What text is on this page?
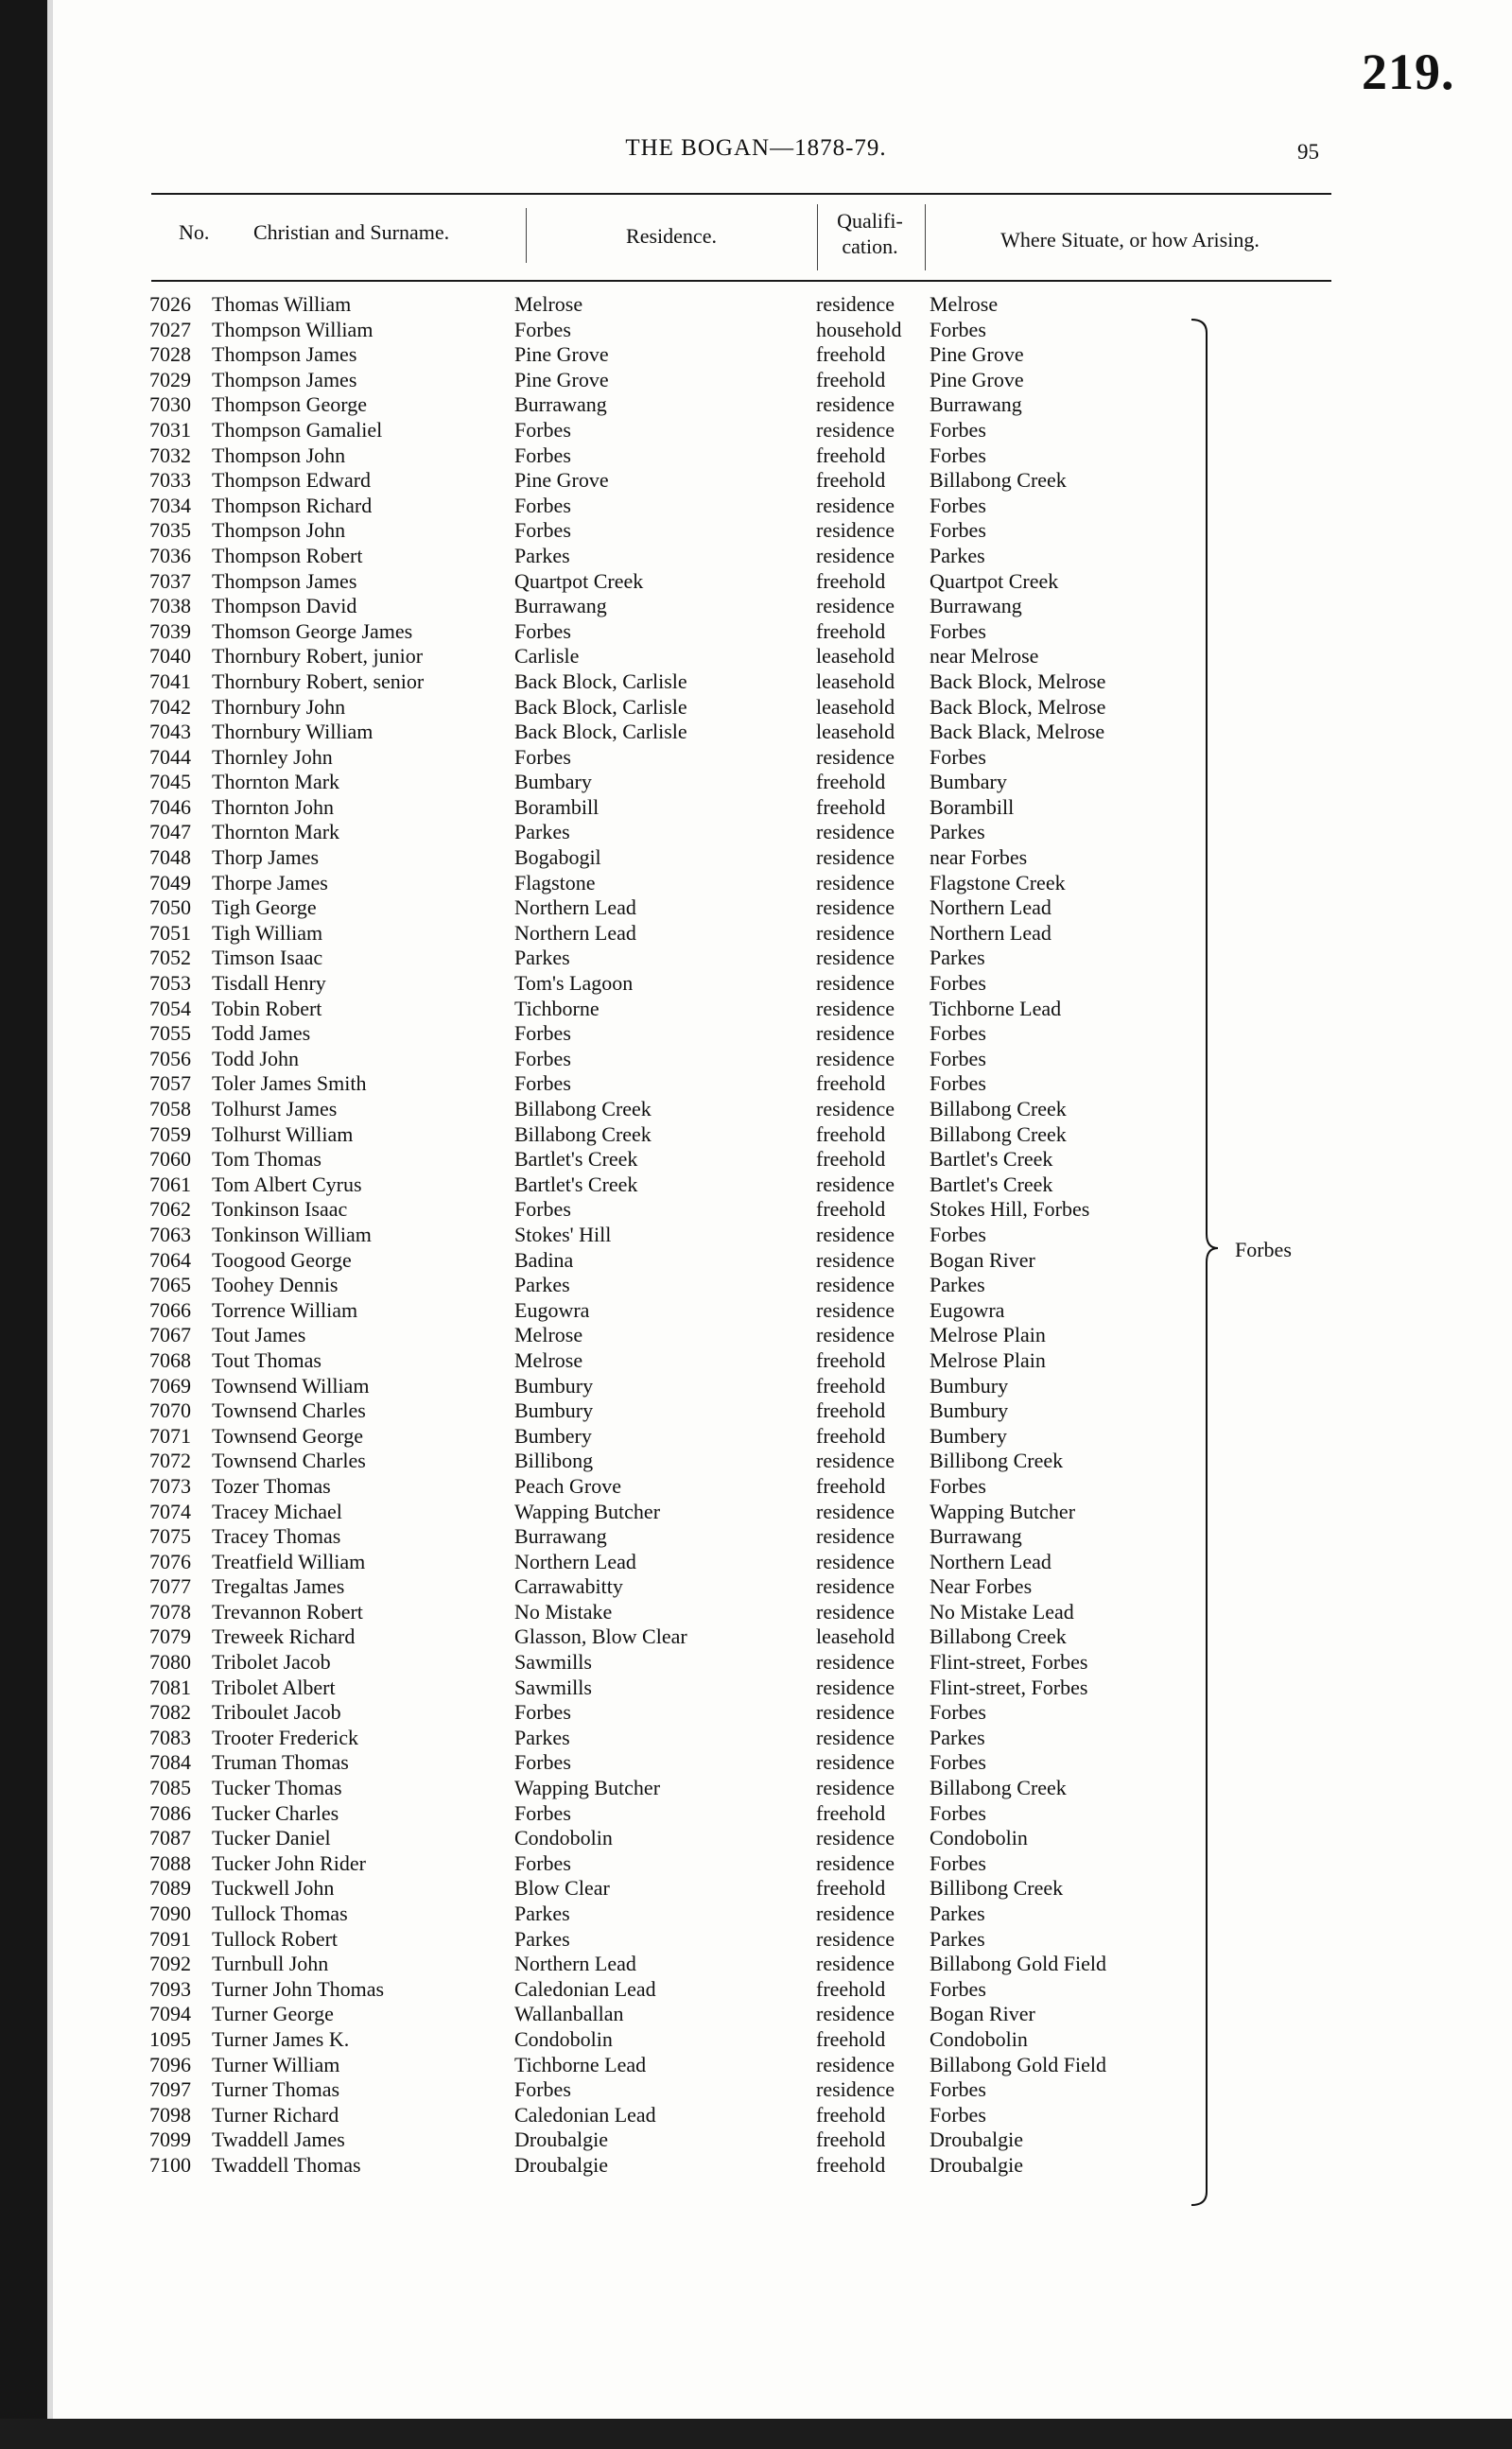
219.
THE BOGAN—1878-79.	95
No. Christian and Surname.	Residence.
Qualifi-
cation.	Where Situate, or how Arising.
7026 Thomas William	Melrose	residence Melrose
7027 Thompson William	Forbes	household Forbes
7028 Thompson James	Pine Grove	freehold Pine Grove
7029 Thompson James	Pine Grove	freehold Pine Grove
7030 Thompson George	Burrawang	residence Burrawang
7031 Thompson Gamaliel	Forbes	residence Forbes
7032 Thompson John	Forbes	freehold Forbes
7033 Thompson Edward	Pine Grove	freehold Billabong Creek
7034 Thompson Richard	Forbes	residence Forbes
7035 Thompson John	Forbes	residence Forbes
7036 Thompson Robert	Parkes	residence Parkes
7037 Thompson James	Quartpot Creek	freehold Quartpot Creek
7038 Thompson David	Burrawang	residence Burrawang
7039 Thomson George James	Forbes	freehold Forbes
7040 Thornbury Robert, junior	Carlisle	leasehold near Melrose
7041 Thornbury Robert, senior	Back Block, Carlisle	leasehold Back Block, Melrose
7042 Thornbury John	Back Block, Carlisle	leasehold Back Block, Melrose
7043 Thornbury William	Back Block, Carlisle	leasehold Back Black, Melrose
7044 Thornley John	Forbes	residence Forbes
7045 Thornton Mark	Bumbary	freehold Bumbary
7046 Thornton John	Borambill	freehold Borambill
7047 Thornton Mark	Parkes	residence Parkes
7048 Thorp James	Bogabogil	residence near Forbes
7049 Thorpe James	Flagstone	residence Flagstone Creek
7050 Tigh George	Northern Lead	residence Northern Lead
7051 Tigh William	Northern Lead	residence Northern Lead
7052 Timson Isaac	Parkes	residence Parkes
7053 Tisdall Henry	Tom's Lagoon	residence Forbes
7054 Tobin Robert	Tichborne	residence Tichborne Lead
7055 Todd James	Forbes	residence Forbes
7056 Todd John	Forbes	residence Forbes
7057 Toler James Smith	Forbes	freehold Forbes
7058 Tolhurst James	Billabong Creek	residence Billabong Creek
7059 Tolhurst William	Billabong Creek	freehold Billabong Creek
7060 Tom Thomas	Bartlet's Creek	freehold Bartlet's Creek
7061 Tom Albert Cyrus	Bartlet's Creek	residence Bartlet's Creek
7062 Tonkinson Isaac	Forbes	freehold Stokes Hill, Forbes
7063 Tonkinson William	Stokes' Hill	residence Forbes
7064 Toogood George	Badina	residence Bogan River
7065 Toohey Dennis	Parkes	residence Parkes
7066 Torrence William	Eugowra	residence Eugowra
7067 Tout James	Melrose	residence Melrose Plain
7068 Tout Thomas	Melrose	freehold Melrose Plain
7069 Townsend William	Bumbury	freehold Bumbury
7070 Townsend Charles	Bumbury	freehold Bumbury
7071 Townsend George	Bumbery	freehold Bumbery
7072 Townsend Charles	Billibong	residence Billibong Creek
7073 Tozer Thomas	Peach Grove	freehold Forbes
7074 Tracey Michael	Wapping Butcher	residence Wapping Butcher
7075 Tracey Thomas	Burrawang	residence Burrawang
7076 Treatfield William	Northern Lead	residence Northern Lead
7077 Tregaltas James	Carrawabitty	residence Near Forbes
7078 Trevannon Robert	No Mistake	residence No Mistake Lead
7079 Treweek Richard	Glasson, Blow Clear	leasehold Billabong Creek
7080 Tribolet Jacob	Sawmills	residence Flint-street, Forbes
7081 Tribolet Albert	Sawmills	residence Flint-street, Forbes
7082 Triboulet Jacob	Forbes	residence Forbes
7083 Trooter Frederick	Parkes	residence Parkes
7084 Truman Thomas	Forbes	residence Forbes
7085 Tucker Thomas	Wapping Butcher	residence Billabong Creek
7086 Tucker Charles	Forbes	freehold Forbes
7087 Tucker Daniel	Condobolin	residence Condobolin
7088 Tucker John Rider	Forbes	residence Forbes
7089 Tuckwell John	Blow Clear	freehold Billibong Creek
7090 Tullock Thomas	Parkes	residence Parkes
7091 Tullock Robert	Parkes	residence Parkes
7092 Turnbull John	Northern Lead	residence Billabong Gold Field
7093 Turner John Thomas	Caledonian Lead	freehold Forbes
7094 Turner George	Wallanballan	residence Bogan River
1095 Turner James K.	Condobolin	freehold Condobolin
7096 Turner William	Tichborne Lead	residence Billabong Gold Field
7097 Turner Thomas	Forbes	residence Forbes
7098 Turner Richard	Caledonian Lead	freehold Forbes
7099 Twaddell James	Droubalgie	freehold Droubalgie
7100 Twaddell Thomas	Droubalgie	freehold Droubalgie
Forbes
